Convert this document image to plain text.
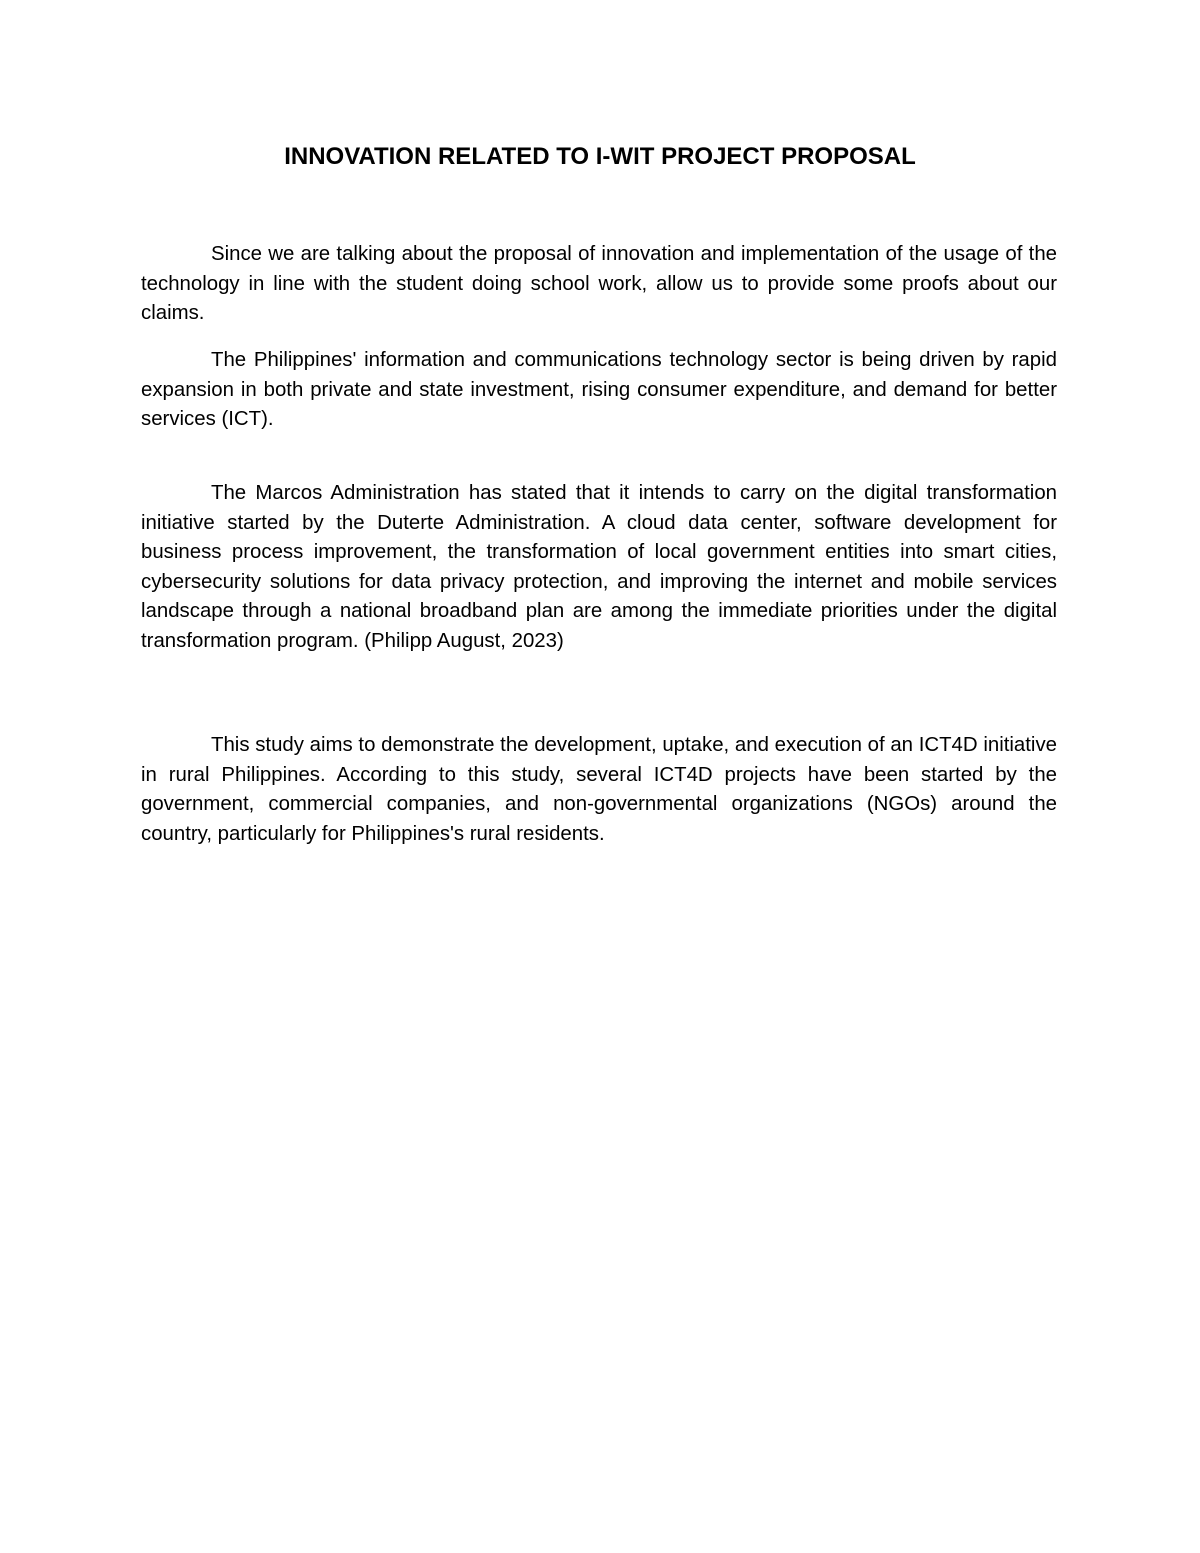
INNOVATION RELATED TO I-WIT PROJECT PROPOSAL

Since we are talking about the proposal of innovation and implementation of the usage of the technology in line with the student doing school work, allow us to provide some proofs about our claims.

The Philippines' information and communications technology sector is being driven by rapid expansion in both private and state investment, rising consumer expenditure, and demand for better services (ICT).

The Marcos Administration has stated that it intends to carry on the digital transformation initiative started by the Duterte Administration. A cloud data center, software development for business process improvement, the transformation of local government entities into smart cities, cybersecurity solutions for data privacy protection, and improving the internet and mobile services landscape through a national broadband plan are among the immediate priorities under the digital transformation program. (Philipp August, 2023)

This study aims to demonstrate the development, uptake, and execution of an ICT4D initiative in rural Philippines. According to this study, several ICT4D projects have been started by the government, commercial companies, and non-governmental organizations (NGOs) around the country, particularly for Philippines's rural residents.
